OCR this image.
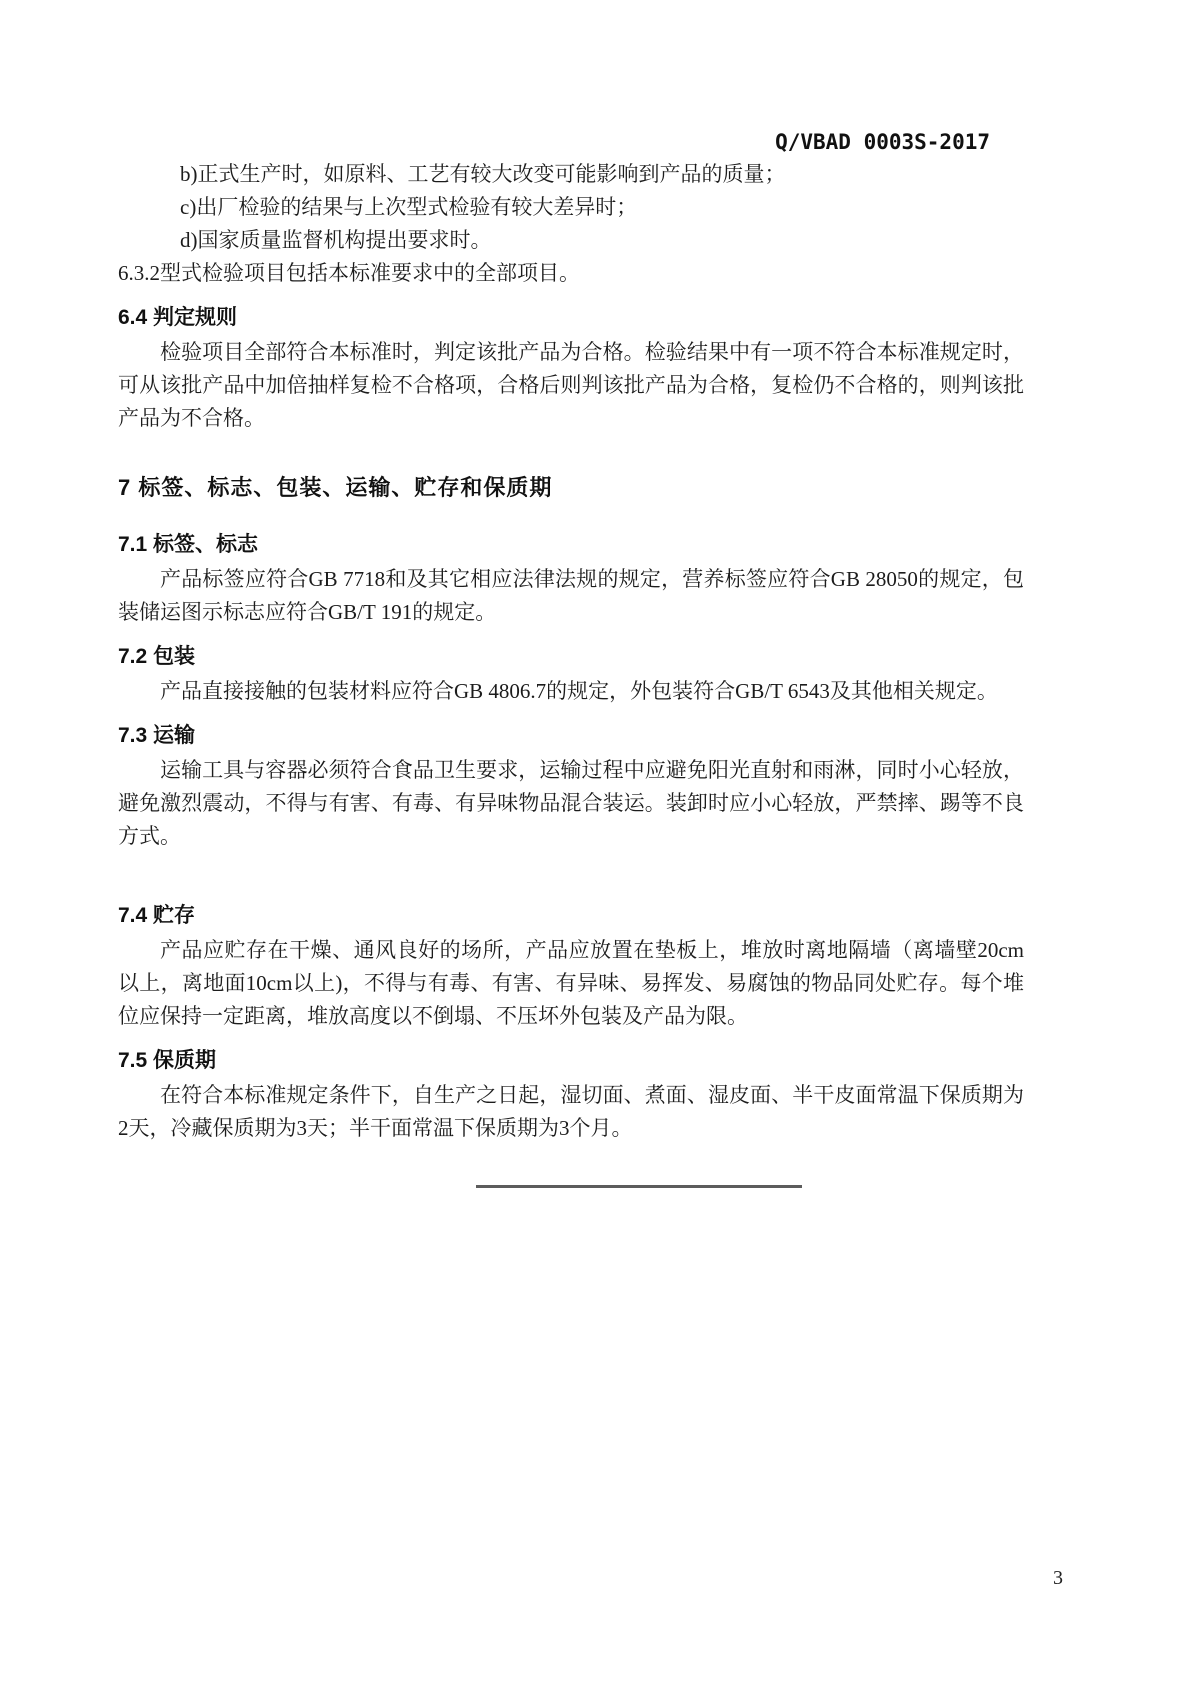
Q/VBAD 0003S-2017

b)正式生产时，如原料、工艺有较大改变可能影响到产品的质量；

c)出厂检验的结果与上次型式检验有较大差异时；

d)国家质量监督机构提出要求时。

6.3.2型式检验项目包括本标准要求中的全部项目。

6.4 判定规则

检验项目全部符合本标准时，判定该批产品为合格。检验结果中有一项不符合本标准规定时，可从该批产品中加倍抽样复检不合格项，合格后则判该批产品为合格，复检仍不合格的，则判该批产品为不合格。

7 标签、标志、包装、运输、贮存和保质期
7.1 标签、标志

产品标签应符合GB 7718和及其它相应法律法规的规定，营养标签应符合GB 28050的规定，包装储运图示标志应符合GB/T 191的规定。

7.2 包装

产品直接接触的包装材料应符合GB 4806.7的规定，外包装符合GB/T 6543及其他相关规定。

7.3 运输

运输工具与容器必须符合食品卫生要求，运输过程中应避免阳光直射和雨淋，同时小心轻放，避免激烈震动，不得与有害、有毒、有异味物品混合装运。装卸时应小心轻放，严禁摔、踢等不良方式。

7.4 贮存

产品应贮存在干燥、通风良好的场所，产品应放置在垫板上，堆放时离地隔墙（离墙壁20cm以上，离地面10cm以上)，不得与有毒、有害、有异味、易挥发、易腐蚀的物品同处贮存。每个堆位应保持一定距离，堆放高度以不倒塌、不压坏外包装及产品为限。

7.5 保质期

在符合本标准规定条件下，自生产之日起，湿切面、煮面、湿皮面、半干皮面常温下保质期为2天，冷藏保质期为3天；半干面常温下保质期为3个月。

3
